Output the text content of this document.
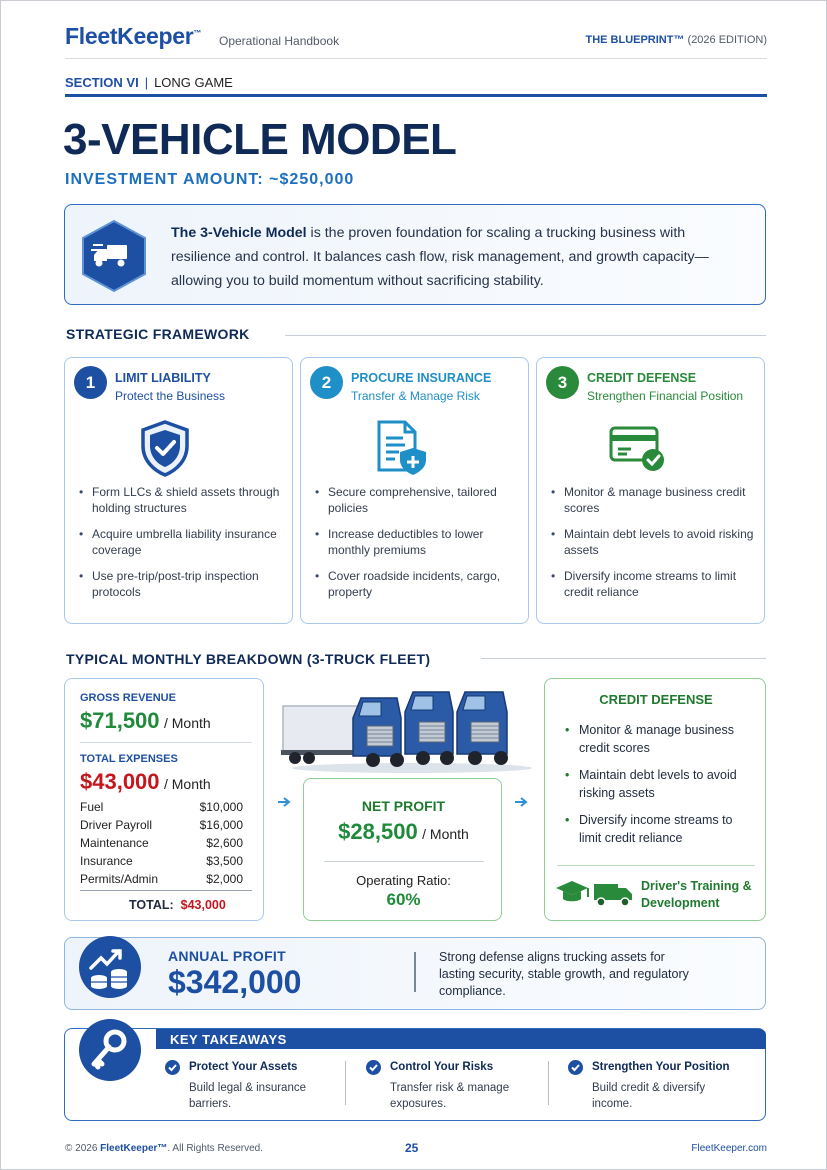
FleetKeeper™
Operational Handbook	THE BLUEPRINT™ (2026 EDITION)
SECTION VI | LONG GAME
3-VEHICLE MODEL
INVESTMENT AMOUNT: ~$250,000
The 3-Vehicle Model is the proven foundation for scaling a trucking business with resilience and control. It balances cash flow, risk management, and growth capacity—allowing you to build momentum without sacrificing stability.
STRATEGIC FRAMEWORK
1	LIMIT LIABILITY
Protect the Business
• Form LLCs & shield assets through holding structures
• Acquire umbrella liability insurance coverage
• Use pre-trip/post-trip inspection protocols
2	PROCURE INSURANCE
Transfer & Manage Risk
• Secure comprehensive, tailored policies
• Increase deductibles to lower monthly premiums
• Cover roadside incidents, cargo, property
3	CREDIT DEFENSE
Strengthen Financial Position
• Monitor & manage business credit scores
• Maintain debt levels to avoid risking assets
• Diversify income streams to limit credit reliance
TYPICAL MONTHLY BREAKDOWN (3-TRUCK FLEET)
GROSS REVENUE
$71,500 / Month
TOTAL EXPENSES
$43,000 / Month
Fuel	$10,000
Driver Payroll	$16,000
Maintenance	$2,600
Insurance	$3,500
Permits/Admin	$2,000
TOTAL: $43,000
NET PROFIT
$28,500 / Month
Operating Ratio:
60%
CREDIT DEFENSE
• Monitor & manage business credit scores
• Maintain debt levels to avoid risking assets
• Diversify income streams to limit credit reliance
Driver's Training & Development
ANNUAL PROFIT
$342,000
Strong defense aligns trucking assets for lasting security, stable growth, and regulatory compliance.
KEY TAKEAWAYS
Protect Your Assets
Build legal & insurance barriers.
Control Your Risks
Transfer risk & manage exposures.
Strengthen Your Position
Build credit & diversify income.
© 2026 FleetKeeper™. All Rights Reserved.	25	FleetKeeper.com
